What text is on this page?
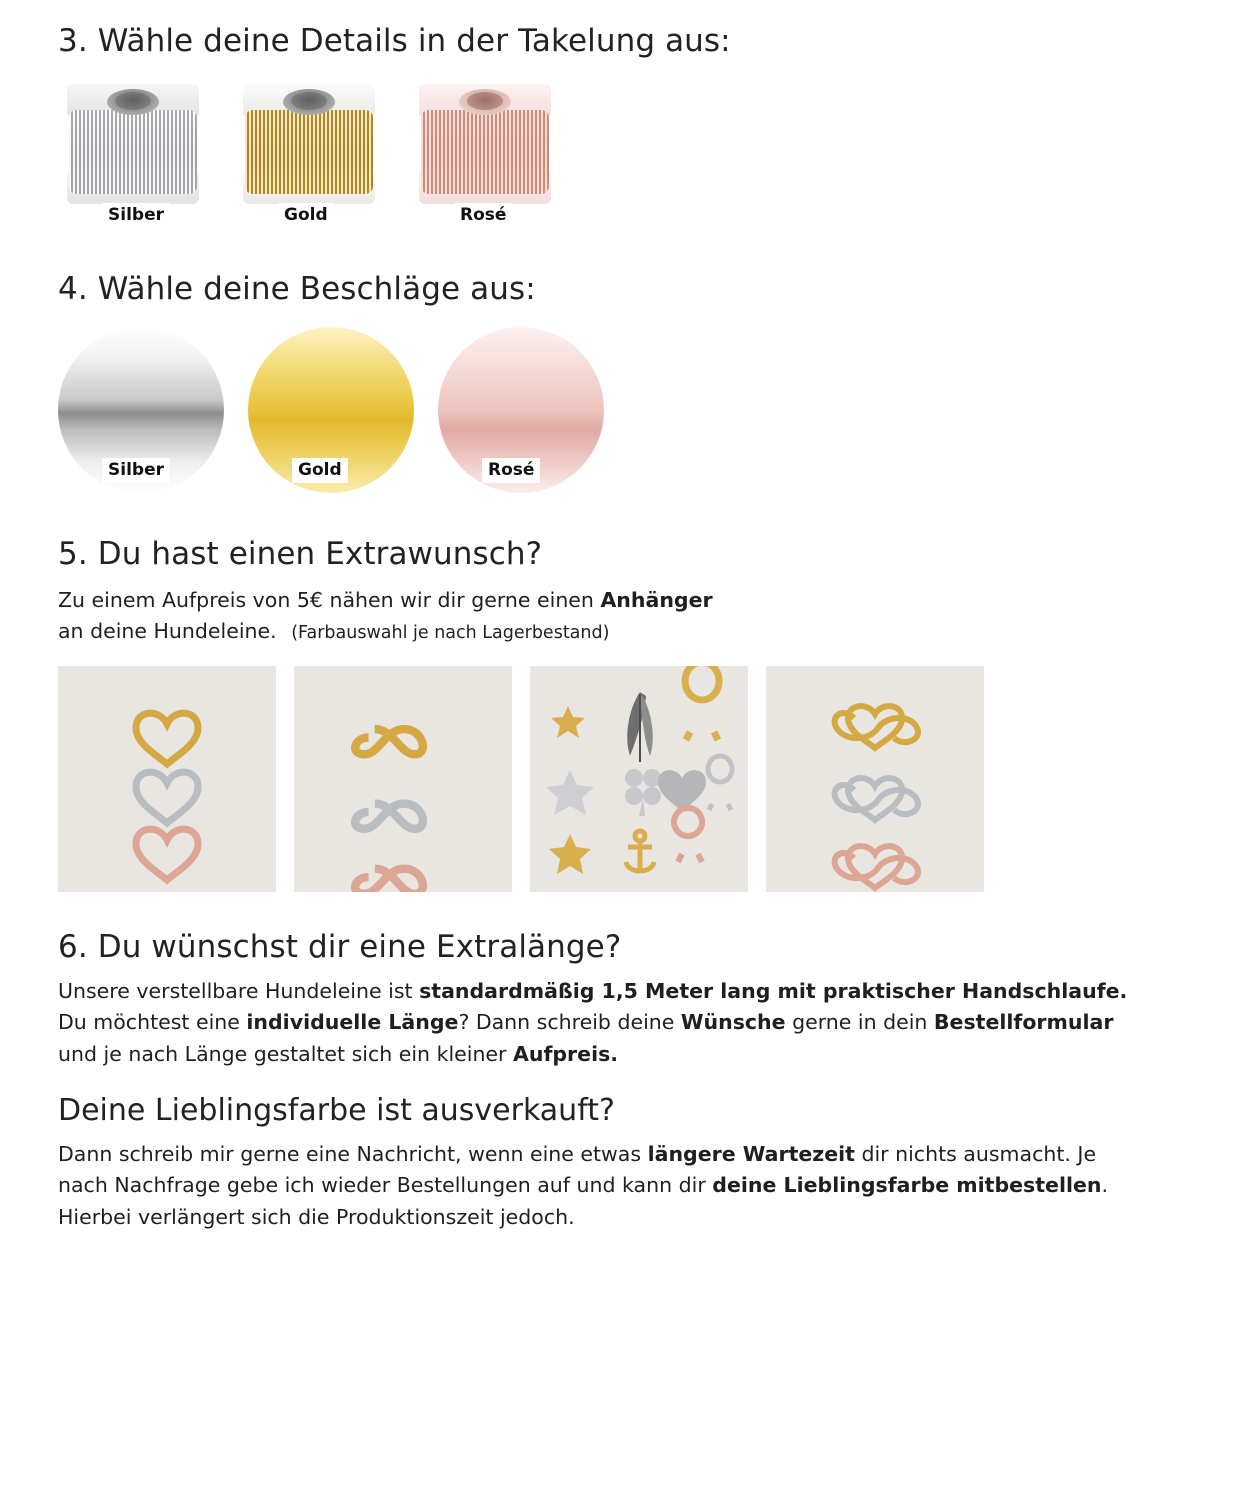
3. Wähle deine Details in der Takelung aus:
Silber	Gold	Rosé
4. Wähle deine Beschläge aus:
Silber	Gold	Rosé
5. Du hast einen Extrawunsch?

Zu einem Aufpreis von 5€ nähen wir dir gerne einen Anhänger
an deine Hundeleine. (Farbauswahl je nach Lagerbestand)

6. Du wünschst dir eine Extralänge?

Unsere verstellbare Hundeleine ist standardmäßig 1,5 Meter lang mit praktischer Handschlaufe. Du möchtest eine individuelle Länge? Dann schreib deine Wünsche gerne in dein Bestellformular und je nach Länge gestaltet sich ein kleiner Aufpreis.

Deine Lieblingsfarbe ist ausverkauft?

Dann schreib mir gerne eine Nachricht, wenn eine etwas längere Wartezeit dir nichts ausmacht. Je nach Nachfrage gebe ich wieder Bestellungen auf und kann dir deine Lieblingsfarbe mitbestellen. Hierbei verlängert sich die Produktionszeit jedoch.
